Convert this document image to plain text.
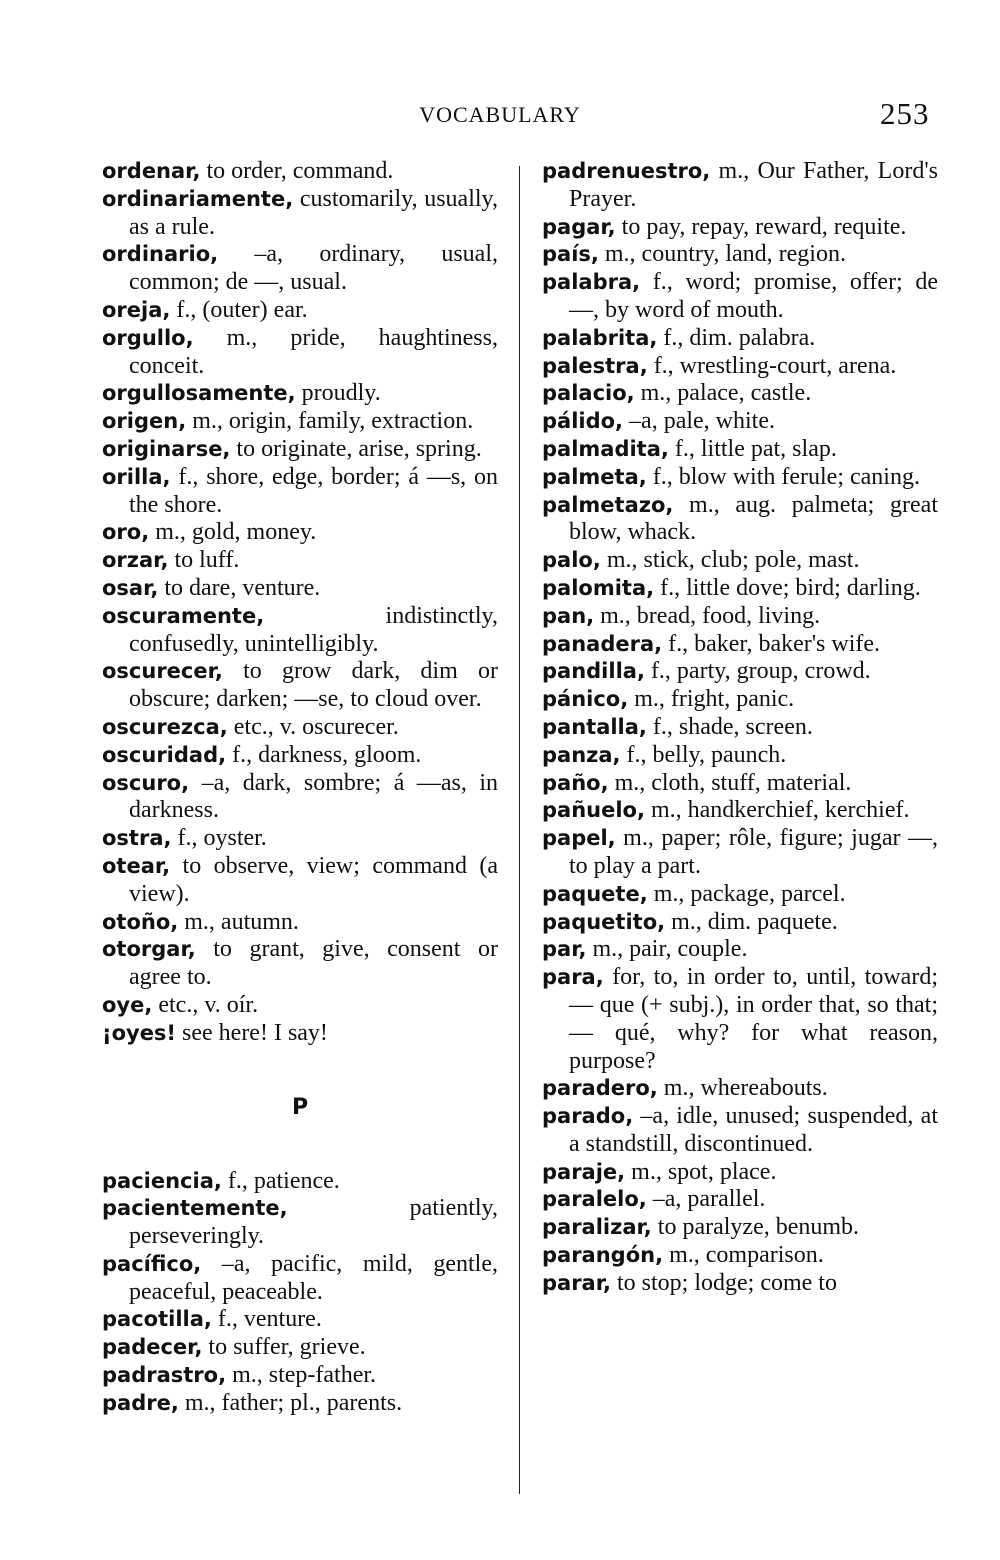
VOCABULARY	253

ordenar, to order, command.

ordinariamente, customarily, usually, as a rule.

ordinario, –a, ordinary, usual, common; de —, usual.

oreja, f., (outer) ear.

orgullo, m., pride, haughtiness, conceit.

orgullosamente, proudly.

origen, m., origin, family, extraction.

originarse, to originate, arise, spring.

orilla, f., shore, edge, border; á —s, on the shore.

oro, m., gold, money.

orzar, to luff.

osar, to dare, venture.

oscuramente, indistinctly, confusedly, unintelligibly.

oscurecer, to grow dark, dim or obscure; darken; —se, to cloud over.

oscurezca, etc., v. oscurecer.

oscuridad, f., darkness, gloom.

oscuro, –a, dark, sombre; á —as, in darkness.

ostra, f., oyster.

otear, to observe, view; command (a view).

otoño, m., autumn.

otorgar, to grant, give, consent or agree to.

oye, etc., v. oír.

¡oyes! see here! I say!

P

paciencia, f., patience.

pacientemente, patiently, perseveringly.

pacífico, –a, pacific, mild, gentle, peaceful, peaceable.

pacotilla, f., venture.

padecer, to suffer, grieve.

padrastro, m., step-father.

padre, m., father; pl., parents.

padrenuestro, m., Our Father, Lord's Prayer.

pagar, to pay, repay, reward, requite.

país, m., country, land, region.

palabra, f., word; promise, offer; de —, by word of mouth.

palabrita, f., dim. palabra.

palestra, f., wrestling-court, arena.

palacio, m., palace, castle.

pálido, –a, pale, white.

palmadita, f., little pat, slap.

palmeta, f., blow with ferule; caning.

palmetazo, m., aug. palmeta; great blow, whack.

palo, m., stick, club; pole, mast.

palomita, f., little dove; bird; darling.

pan, m., bread, food, living.

panadera, f., baker, baker's wife.

pandilla, f., party, group, crowd.

pánico, m., fright, panic.

pantalla, f., shade, screen.

panza, f., belly, paunch.

paño, m., cloth, stuff, material.

pañuelo, m., handkerchief, kerchief.

papel, m., paper; rôle, figure; jugar —, to play a part.

paquete, m., package, parcel.

paquetito, m., dim. paquete.

par, m., pair, couple.

para, for, to, in order to, until, toward; — que (+ subj.), in order that, so that; — qué, why? for what reason, purpose?

paradero, m., whereabouts.

parado, –a, idle, unused; suspended, at a standstill, discontinued.

paraje, m., spot, place.

paralelo, –a, parallel.

paralizar, to paralyze, benumb.

parangón, m., comparison.

parar, to stop; lodge; come to
